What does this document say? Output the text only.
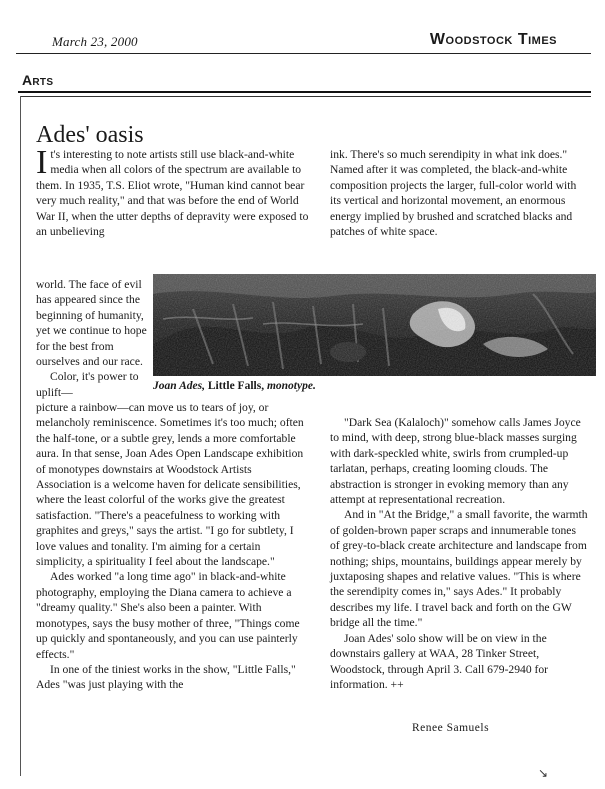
March 23, 2000	Woodstock Times
Arts
Ades' oasis

It's interesting to note artists still use black-and-white media when all colors of the spectrum are available to them. In 1935, T.S. Eliot wrote, "Human kind cannot bear very much reality," and that was before the end of World War II, when the utter depths of depravity were exposed to an unbelieving

world. The face of evil has appeared since the beginning of humanity, yet we continue to hope for the best from ourselves and our race.

Color, it's power to uplift—	Joan Ades, Little Falls, monotype.

picture a rainbow—can move us to tears of joy, or melancholy reminiscence. Sometimes it's too much; often the half-tone, or a subtle grey, lends a more comfortable aura. In that sense, Joan Ades Open Landscape exhibition of monotypes downstairs at Woodstock Artists Association is a welcome haven for delicate sensibilities, where the least colorful of the works give the greatest satisfaction. "There's a peacefulness to working with graphites and greys," says the artist. "I go for subtlety, I love values and tonality. I'm aiming for a certain simplicity, a spirituality I feel about the landscape."

Ades worked "a long time ago" in black-and-white photography, employing the Diana camera to achieve a "dreamy quality." She's also been a painter. With monotypes, says the busy mother of three, "Things come up quickly and spontaneously, and you can use painterly effects."

In one of the tiniest works in the show, "Little Falls," Ades "was just playing with the

ink. There's so much serendipity in what ink does." Named after it was completed, the black-and-white composition projects the larger, full-color world with its vertical and horizontal movement, an enormous energy implied by brushed and scratched blacks and patches of white space.

"Dark Sea (Kalaloch)" somehow calls James Joyce to mind, with deep, strong blue-black masses surging with dark-speckled white, swirls from crumpled-up tarlatan, perhaps, creating looming clouds. The abstraction is stronger in evoking memory than any attempt at representational recreation.

And in "At the Bridge," a small favorite, the warmth of golden-brown paper scraps and innumerable tones of grey-to-black create architecture and landscape from nothing; ships, mountains, buildings appear merely by juxtaposing shapes and relative values. "This is where the serendipity comes in," says Ades." It probably describes my life. I travel back and forth on the GW bridge all the time."

Joan Ades' solo show will be on view in the downstairs gallery at WAA, 28 Tinker Street, Woodstock, through April 3. Call 679-2940 for information. ++

Renee Samuels
↘
